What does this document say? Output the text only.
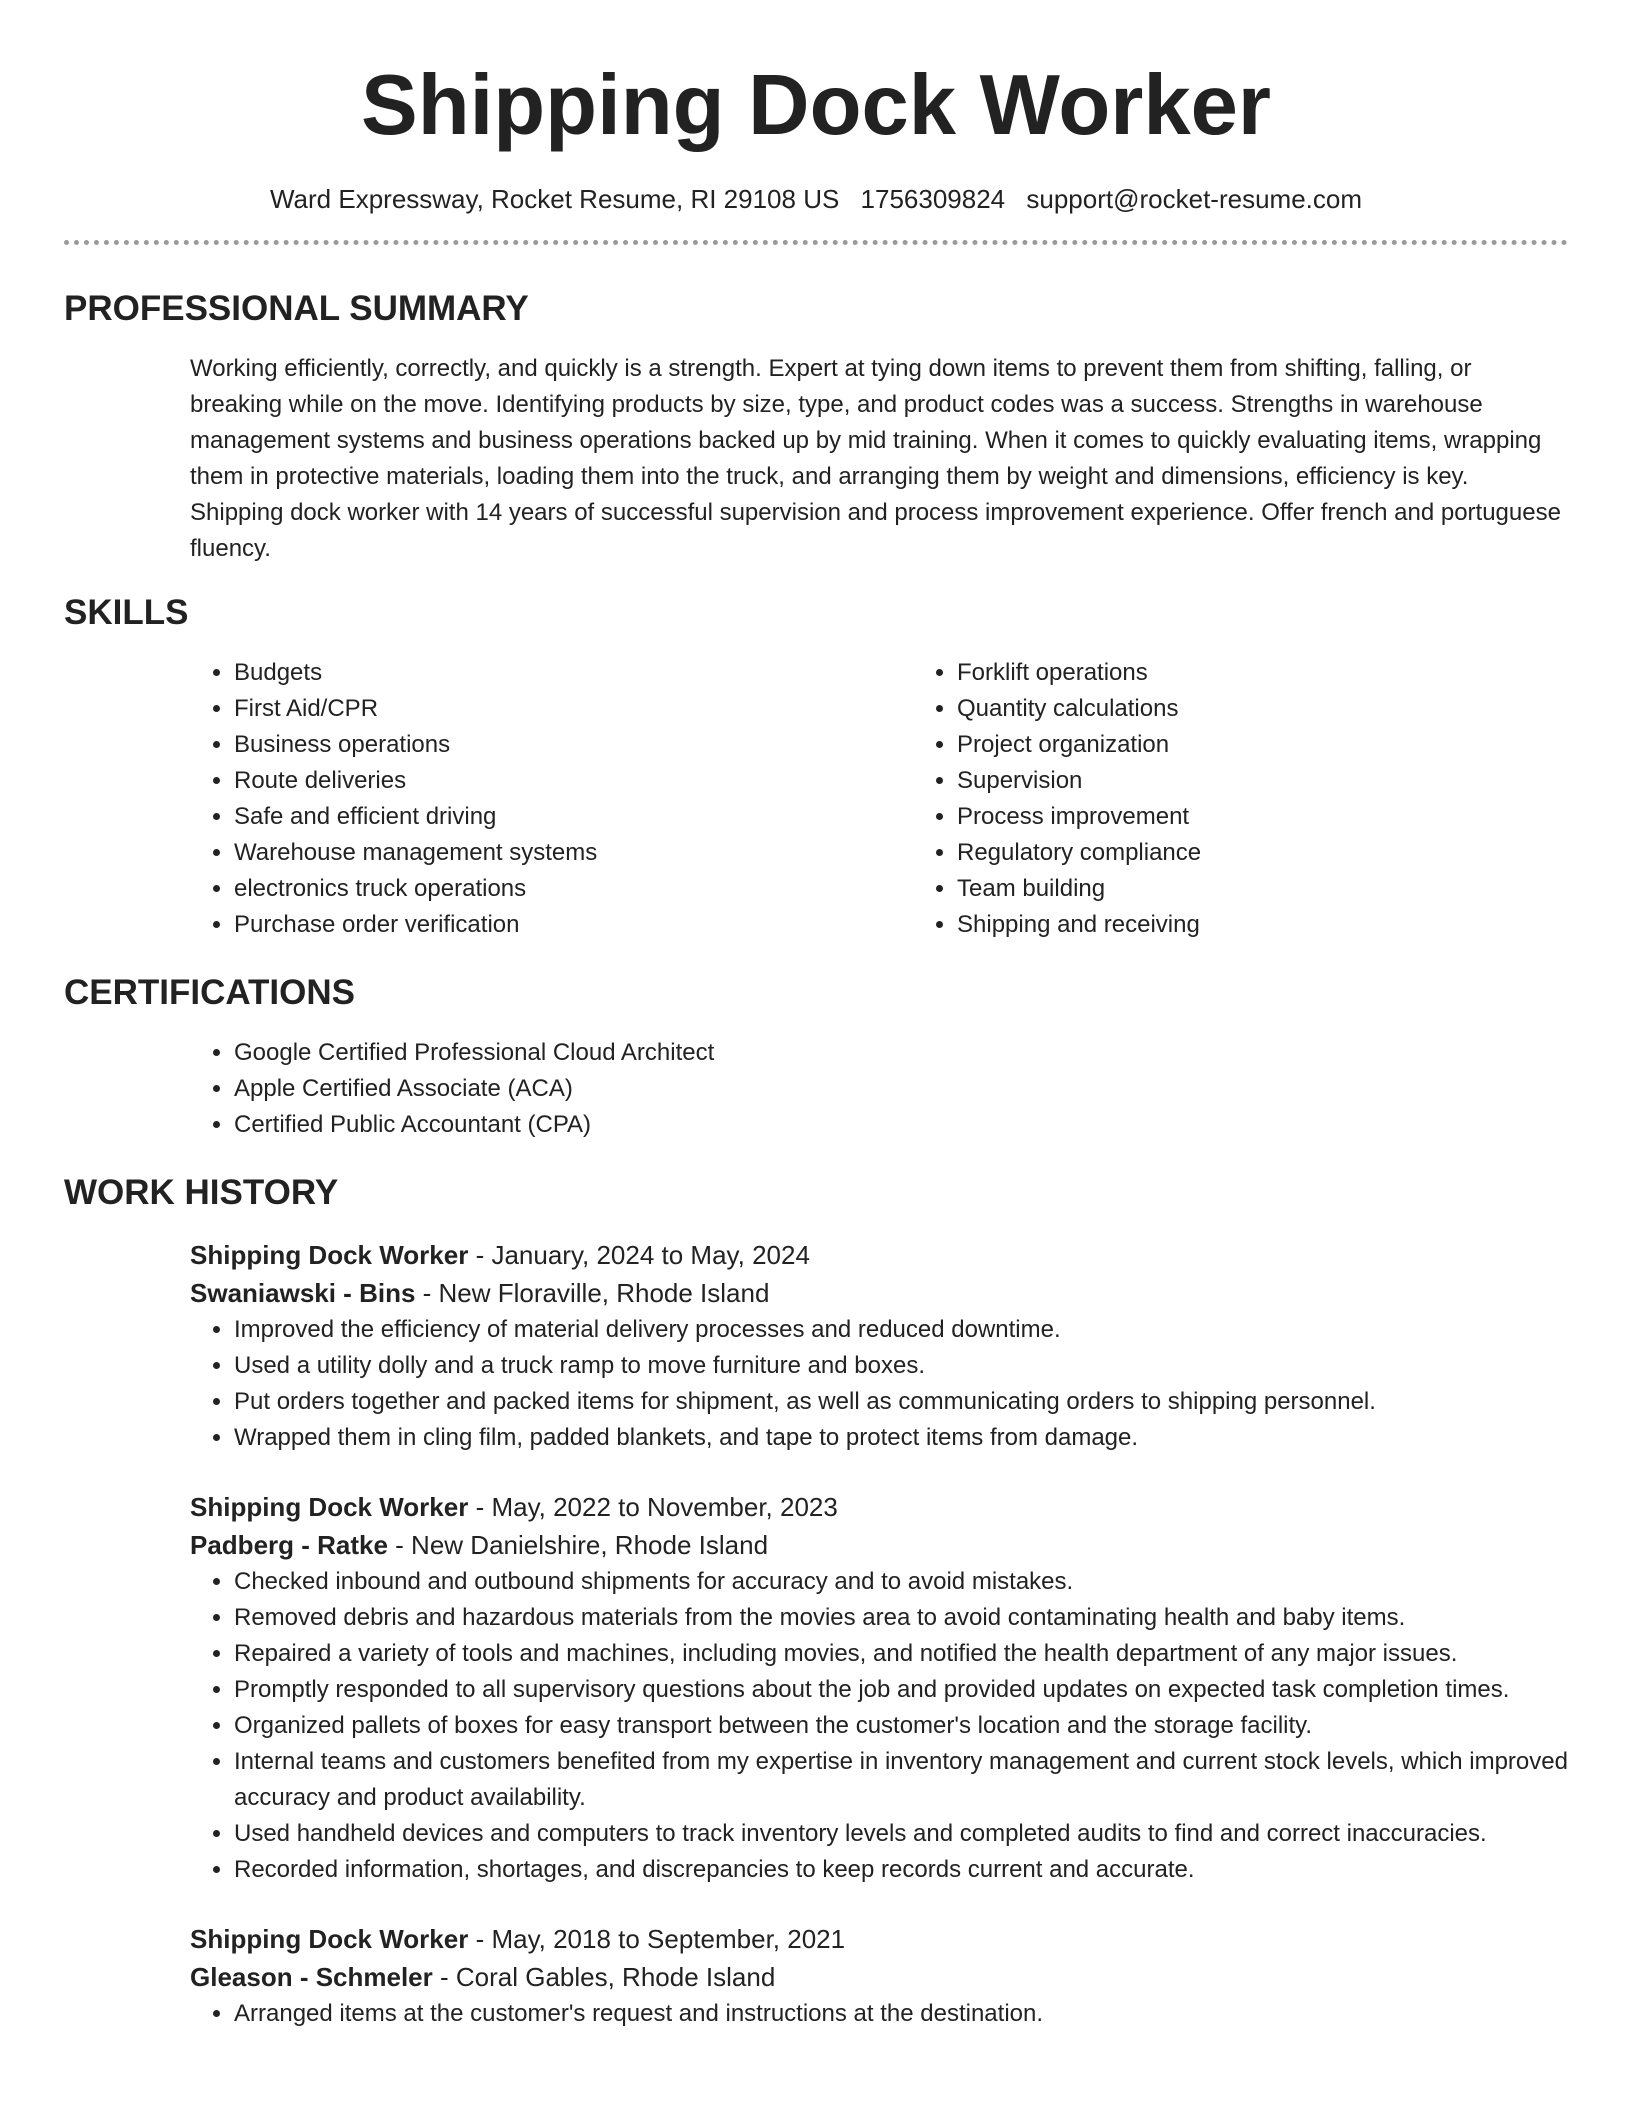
Shipping Dock Worker
Ward Expressway, Rocket Resume, RI 29108 US 1756309824 support@rocket-resume.com
PROFESSIONAL SUMMARY
Working efficiently, correctly, and quickly is a strength. Expert at tying down items to prevent them from shifting, falling, or breaking while on the move. Identifying products by size, type, and product codes was a success. Strengths in warehouse management systems and business operations backed up by mid training. When it comes to quickly evaluating items, wrapping them in protective materials, loading them into the truck, and arranging them by weight and dimensions, efficiency is key. Shipping dock worker with 14 years of successful supervision and process improvement experience. Offer french and portuguese fluency.
SKILLS
• Budgets
• First Aid/CPR
• Business operations
• Route deliveries
• Safe and efficient driving
• Warehouse management systems
• electronics truck operations
• Purchase order verification
• Forklift operations
• Quantity calculations
• Project organization
• Supervision
• Process improvement
• Regulatory compliance
• Team building
• Shipping and receiving
CERTIFICATIONS
• Google Certified Professional Cloud Architect
• Apple Certified Associate (ACA)
• Certified Public Accountant (CPA)
WORK HISTORY
Shipping Dock Worker - January, 2024 to May, 2024
Swaniawski - Bins - New Floraville, Rhode Island
• Improved the efficiency of material delivery processes and reduced downtime.
• Used a utility dolly and a truck ramp to move furniture and boxes.
• Put orders together and packed items for shipment, as well as communicating orders to shipping personnel.
• Wrapped them in cling film, padded blankets, and tape to protect items from damage.
Shipping Dock Worker - May, 2022 to November, 2023
Padberg - Ratke - New Danielshire, Rhode Island
• Checked inbound and outbound shipments for accuracy and to avoid mistakes.
• Removed debris and hazardous materials from the movies area to avoid contaminating health and baby items.
• Repaired a variety of tools and machines, including movies, and notified the health department of any major issues.
• Promptly responded to all supervisory questions about the job and provided updates on expected task completion times.
• Organized pallets of boxes for easy transport between the customer's location and the storage facility.
• Internal teams and customers benefited from my expertise in inventory management and current stock levels, which improved accuracy and product availability.
• Used handheld devices and computers to track inventory levels and completed audits to find and correct inaccuracies.
• Recorded information, shortages, and discrepancies to keep records current and accurate.
Shipping Dock Worker - May, 2018 to September, 2021
Gleason - Schmeler - Coral Gables, Rhode Island
• Arranged items at the customer's request and instructions at the destination.
